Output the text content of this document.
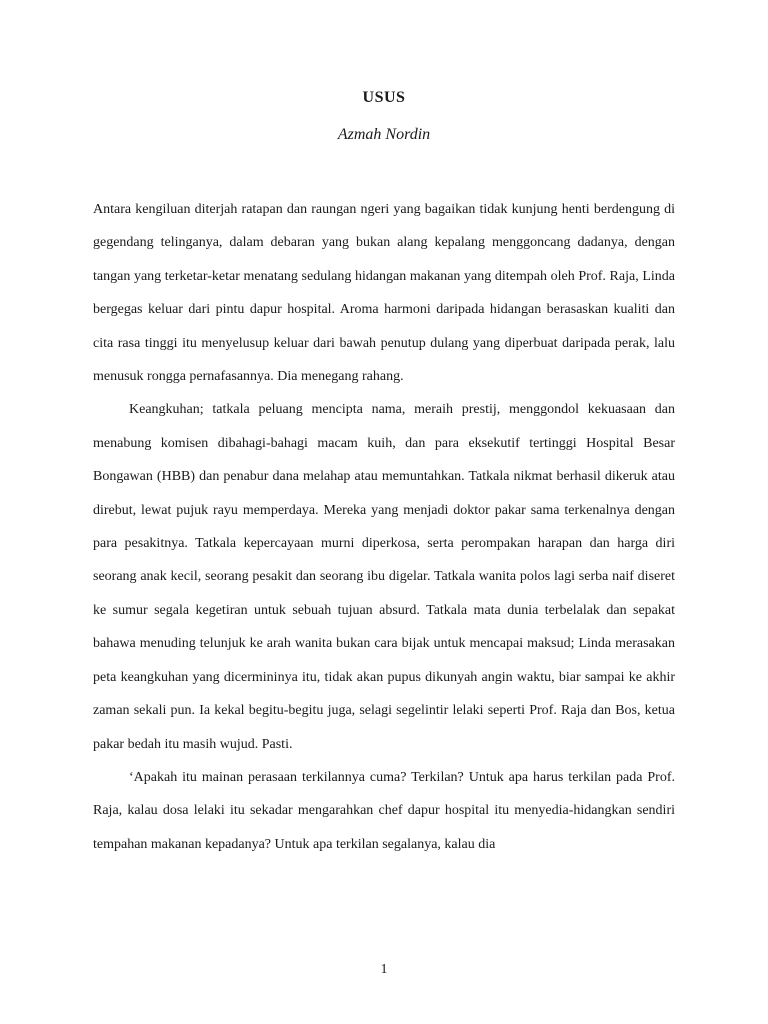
USUS

Azmah Nordin

Antara kengiluan diterjah ratapan dan raungan ngeri yang bagaikan tidak kunjung henti berdengung di gegendang telinganya, dalam debaran yang bukan alang kepalang menggoncang dadanya, dengan tangan yang terketar-ketar menatang sedulang hidangan makanan yang ditempah oleh Prof. Raja, Linda bergegas keluar dari pintu dapur hospital. Aroma harmoni daripada hidangan berasaskan kualiti dan cita rasa tinggi itu menyelusup keluar dari bawah penutup dulang yang diperbuat daripada perak, lalu menusuk rongga pernafasannya. Dia menegang rahang.

Keangkuhan; tatkala peluang mencipta nama, meraih prestij, menggondol kekuasaan dan menabung komisen dibahagi-bahagi macam kuih, dan para eksekutif tertinggi Hospital Besar Bongawan (HBB) dan penabur dana melahap atau memuntahkan. Tatkala nikmat berhasil dikeruk atau direbut, lewat pujuk rayu memperdaya. Mereka yang menjadi doktor pakar sama terkenalnya dengan para pesakitnya. Tatkala kepercayaan murni diperkosa, serta perompakan harapan dan harga diri seorang anak kecil, seorang pesakit dan seorang ibu digelar. Tatkala wanita polos lagi serba naif diseret ke sumur segala kegetiran untuk sebuah tujuan absurd. Tatkala mata dunia terbelalak dan sepakat bahawa menuding telunjuk ke arah wanita bukan cara bijak untuk mencapai maksud; Linda merasakan peta keangkuhan yang dicermininya itu, tidak akan pupus dikunyah angin waktu, biar sampai ke akhir zaman sekali pun. Ia kekal begitu-begitu juga, selagi segelintir lelaki seperti Prof. Raja dan Bos, ketua pakar bedah itu masih wujud. Pasti.

‘Apakah itu mainan perasaan terkilannya cuma? Terkilan? Untuk apa harus terkilan pada Prof. Raja, kalau dosa lelaki itu sekadar mengarahkan chef dapur hospital itu menyedia-hidangkan sendiri tempahan makanan kepadanya? Untuk apa terkilan segalanya, kalau dia

1
